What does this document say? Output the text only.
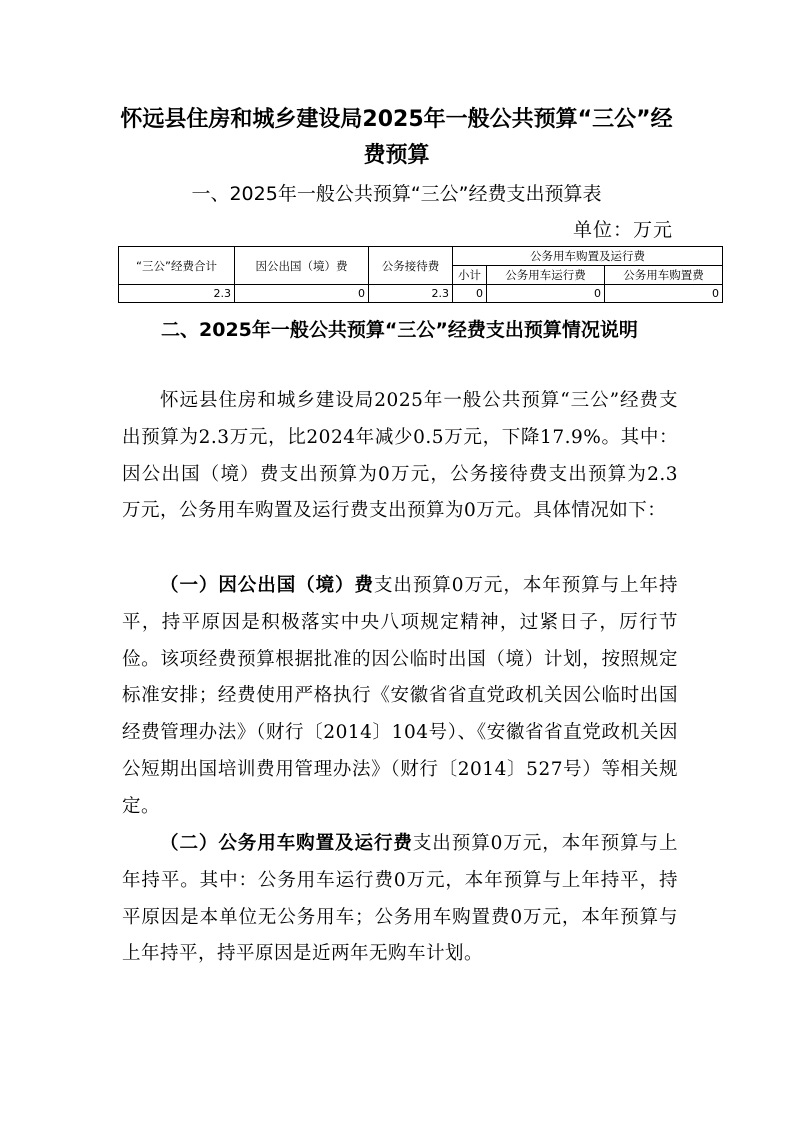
怀远县住房和城乡建设局2025年一般公共预算“三公”经
费预算
一、2025年一般公共预算“三公”经费支出预算表
单位：万元
“三公”经费合计	因公出国（境）费	公务接待费	公务用车购置及运行费		
			小计	公务用车运行费	公务用车购置费
2.3	0	2.3	0	0	0
二、2025年一般公共预算“三公”经费支出预算情况说明
怀远县住房和城乡建设局2025年一般公共预算“三公”经费支出预算为2.3万元，比2024年减少0.5万元，下降17.9%。其中：因公出国（境）费支出预算为0万元，公务接待费支出预算为2.3万元，公务用车购置及运行费支出预算为0万元。具体情况如下：
（一）因公出国（境）费支出预算0万元，本年预算与上年持平，持平原因是积极落实中央八项规定精神，过紧日子，厉行节俭。该项经费预算根据批准的因公临时出国（境）计划，按照规定标准安排；经费使用严格执行《安徽省省直党政机关因公临时出国经费管理办法》（财行〔2014〕104号）、《安徽省省直党政机关因公短期出国培训费用管理办法》（财行〔2014〕527号）等相关规定。
（二）公务用车购置及运行费支出预算0万元，本年预算与上年持平。其中：公务用车运行费0万元，本年预算与上年持平，持平原因是本单位无公务用车；公务用车购置费0万元，本年预算与上年持平，持平原因是近两年无购车计划。
